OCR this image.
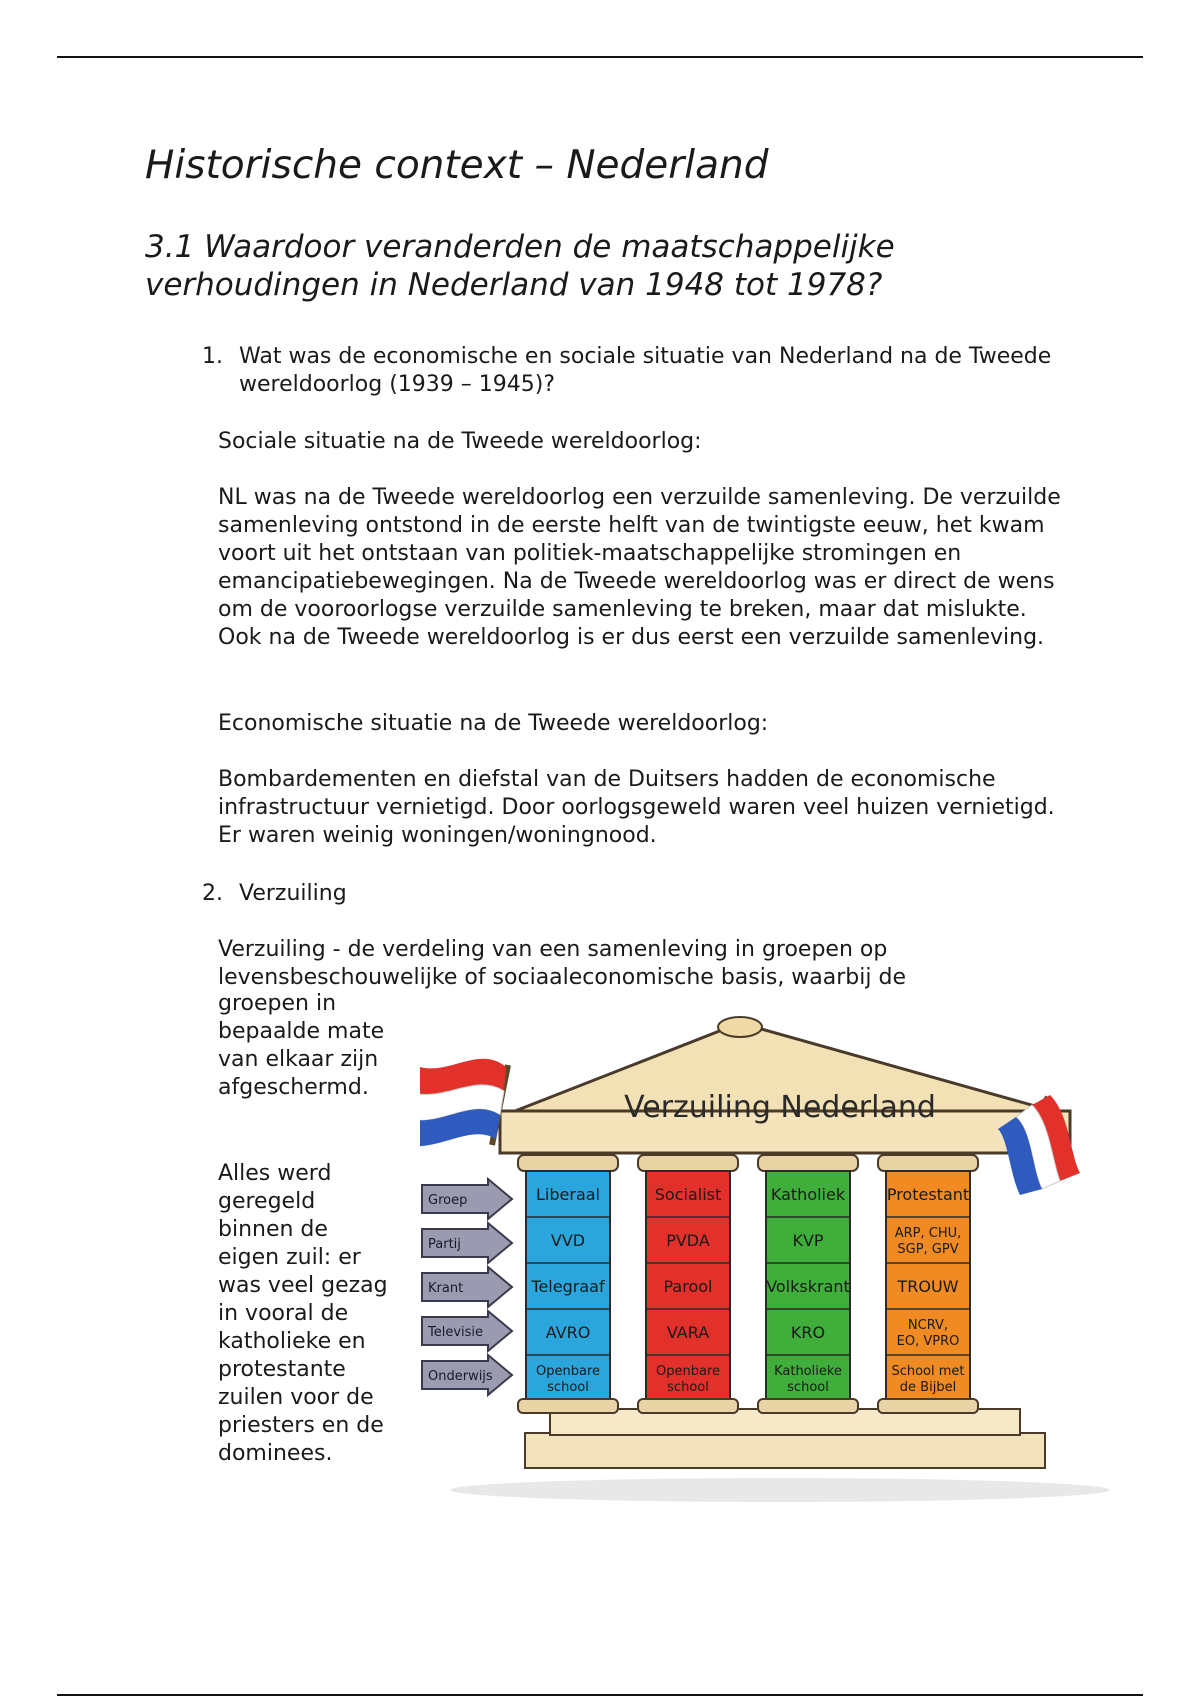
Historische context – Nederland
3.1 Waardoor veranderden de maatschappelijke verhoudingen in Nederland van 1948 tot 1978?
1. Wat was de economische en sociale situatie van Nederland na de Tweede wereldoorlog (1939 – 1945)?

Sociale situatie na de Tweede wereldoorlog:

NL was na de Tweede wereldoorlog een verzuilde samenleving. De verzuilde samenleving ontstond in de eerste helft van de twintigste eeuw, het kwam voort uit het ontstaan van politiek-maatschappelijke stromingen en emancipatiebewegingen. Na de Tweede wereldoorlog was er direct de wens om de vooroorlogse verzuilde samenleving te breken, maar dat mislukte. Ook na de Tweede wereldoorlog is er dus eerst een verzuilde samenleving.

Economische situatie na de Tweede wereldoorlog:

Bombardementen en diefstal van de Duitsers hadden de economische infrastructuur vernietigd. Door oorlogsgeweld waren veel huizen vernietigd. Er waren weinig woningen/woningnood.

2. Verzuiling

Verzuiling - de verdeling van een samenleving in groepen op levensbeschouwelijke of sociaaleconomische basis, waarbij de

groepen in bepaalde mate van elkaar zijn afgeschermd.

Alles werd geregeld binnen de eigen zuil: er was veel gezag in vooral de katholieke en protestante zuilen voor de priesters en de dominees.

Verzuiling Nederland
Groep
Partij
Krant
Televisie
Onderwijs
Liberaal
VVD
Telegraaf
AVRO
Openbare school
Socialist
PVDA
Parool
VARA
Openbare school
Katholiek
KVP
Volkskrant
KRO
Katholieke school
Protestant
ARP, CHU, SGP, GPV
TROUW
NCRV, EO, VPRO
School met de Bijbel
